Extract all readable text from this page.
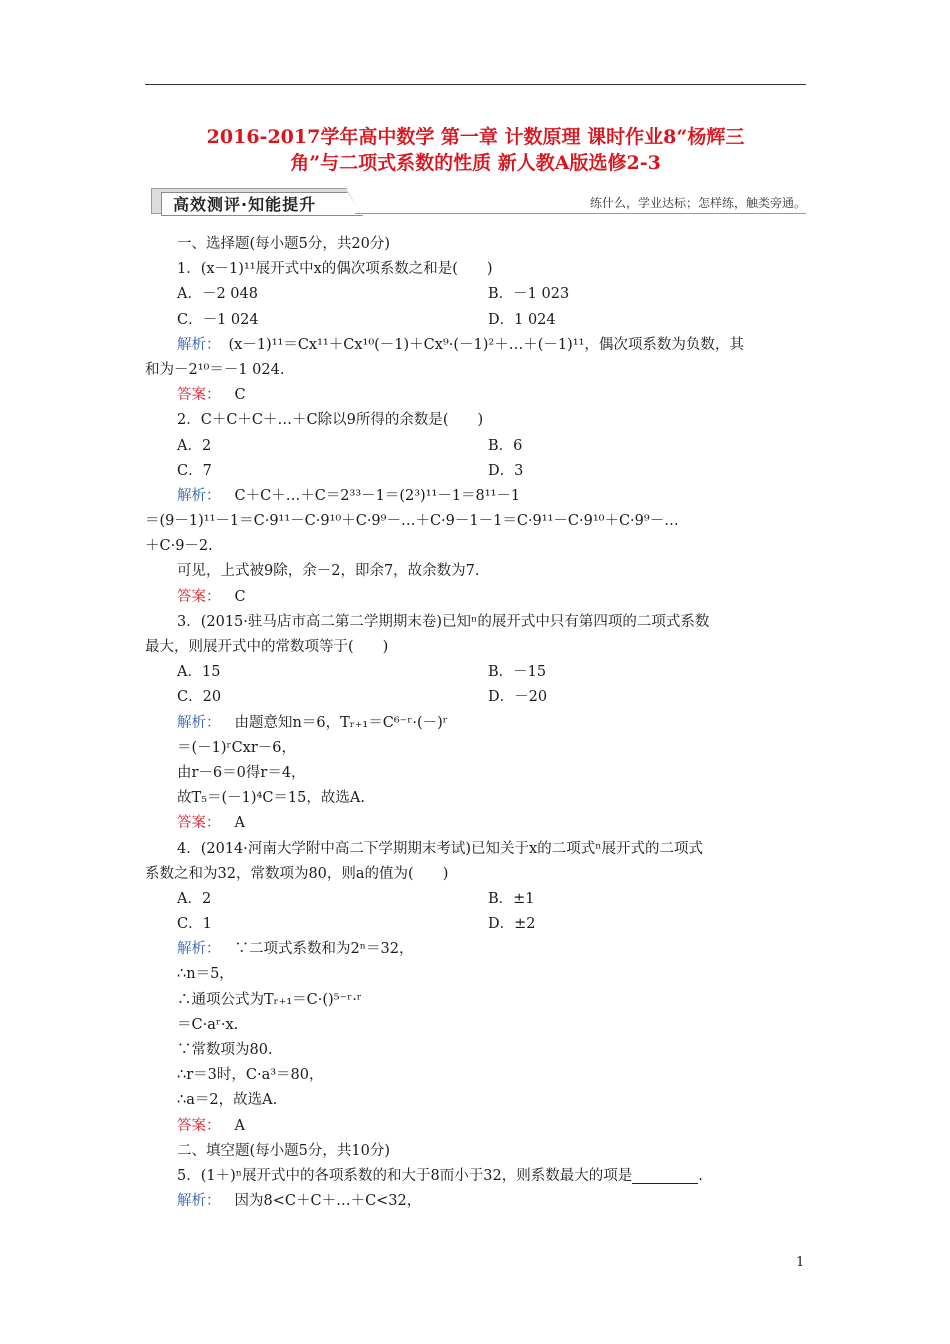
2016-2017学年高中数学 第一章 计数原理 课时作业8“杨辉三
角”与二项式系数的性质 新人教A版选修2-3
高效测评·知能提升	练什么，学业达标；怎样练，触类旁通。
一、选择题(每小题5分，共20分)
1．(x－1)¹¹展开式中x的偶次项系数之和是(　　)
A．－2 048	B．－1 023
C．－1 024	D．1 024
解析： (x－1)¹¹＝Cx¹¹＋Cx¹⁰(－1)＋Cx⁹·(－1)²＋…＋(－1)¹¹，偶次项系数为负数，其
和为－2¹⁰＝－1 024.
答案： C
2．C＋C＋C＋…＋C除以9所得的余数是(　　)
A．2	B．6
C．7	D．3
解析： C＋C＋…＋C＝2³³－1＝(2³)¹¹－1＝8¹¹－1
＝(9－1)¹¹－1＝C·9¹¹－C·9¹⁰＋C·9⁹－…＋C·9－1－1＝C·9¹¹－C·9¹⁰＋C·9⁹－…
＋C·9－2.
可见，上式被9除，余－2，即余7，故余数为7.
答案： C
3．(2015·驻马店市高二第二学期期末卷)已知ⁿ的展开式中只有第四项的二项式系数
最大，则展开式中的常数项等于(　　)
A．15	B．－15
C．20	D．－20
解析： 由题意知n＝6，Tᵣ₊₁＝C⁶⁻ʳ·(－)ʳ
＝(－1)ʳCxr－6，
由r－6＝0得r＝4，
故T₅＝(－1)⁴C＝15，故选A.
答案： A
4．(2014·河南大学附中高二下学期期末考试)已知关于x的二项式ⁿ展开式的二项式
系数之和为32，常数项为80，则a的值为(　　)
A．2	B．±1
C．1	D．±2
解析： ∵二项式系数和为2ⁿ＝32，
∴n＝5，
∴通项公式为Tᵣ₊₁＝C·()⁵⁻ʳ·ʳ
＝C·aʳ·x.
∵常数项为80.
∴r＝3时，C·a³＝80，
∴a＝2，故选A.
答案： A
二、填空题(每小题5分，共10分)
5．(1＋)ⁿ展开式中的各项系数的和大于8而小于32，则系数最大的项是	.
解析： 因为8<C＋C＋…＋C<32，
1
